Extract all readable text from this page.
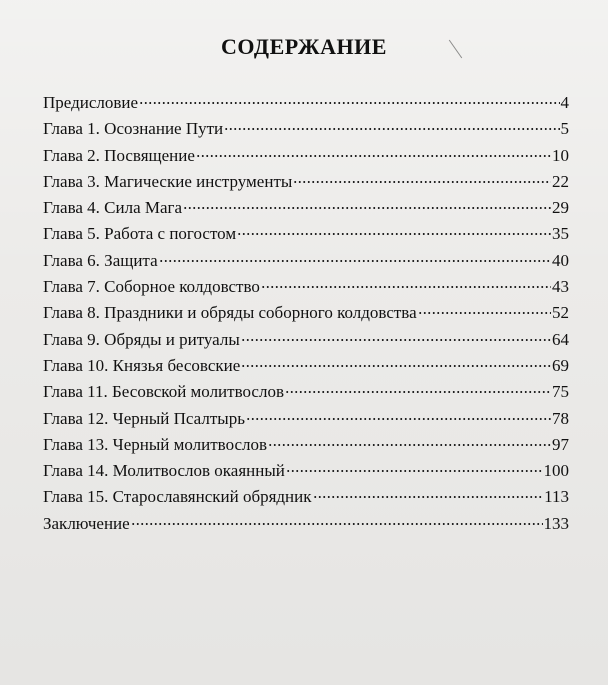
СОДЕРЖАНИЕ
Предисловие	4
Глава 1. Осознание Пути	5
Глава 2. Посвящение	10
Глава 3. Магические инструменты	22
Глава 4. Сила Мага	29
Глава 5. Работа с погостом	35
Глава 6. Защита	40
Глава 7. Соборное колдовство	43
Глава 8. Праздники и обряды соборного колдовства	52
Глава 9. Обряды и ритуалы	64
Глава 10. Князья бесовские	69
Глава 11. Бесовской молитвослов	75
Глава 12. Черный Псалтырь	78
Глава 13. Черный молитвослов	97
Глава 14. Молитвослов окаянный	100
Глава 15. Старославянский обрядник	113
Заключение	133
